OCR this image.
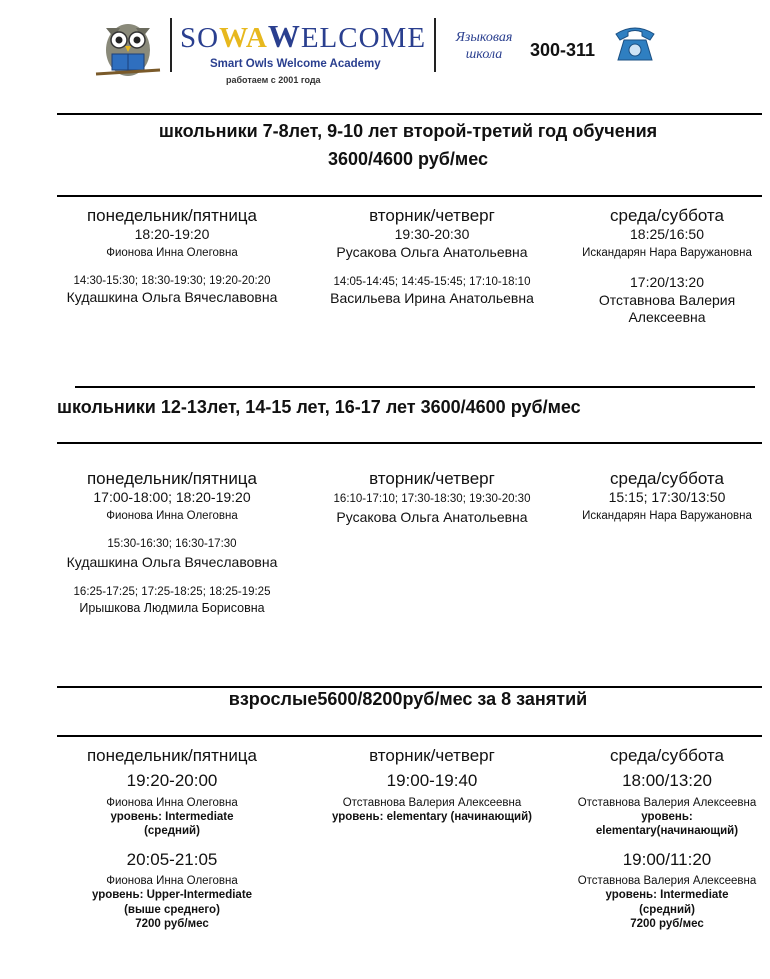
SOWAWELCOME
Smart Owls Welcome Academy
работаем с 2001 года
Языковая
школа	300-311
школьники 7-8лет, 9-10 лет второй-третий год обучения
3600/4600 руб/мес
понедельник/пятница
18:20-19:20
Фионова Инна Олеговна
14:30-15:30; 18:30-19:30; 19:20-20:20
Кудашкина Ольга Вячеславовна
вторник/четверг
19:30-20:30
Русакова Ольга Анатольевна
14:05-14:45; 14:45-15:45; 17:10-18:10
Васильева Ирина Анатольевна
среда/суббота
18:25/16:50
Искандарян Нара Варужановна
17:20/13:20
Отставнова Валерия
Алексеевна
школьники 12-13лет, 14-15 лет, 16-17 лет 3600/4600 руб/мес
понедельник/пятница
17:00-18:00; 18:20-19:20
Фионова Инна Олеговна
15:30-16:30; 16:30-17:30
Кудашкина Ольга Вячеславовна
16:25-17:25; 17:25-18:25; 18:25-19:25
Ирышкова Людмила Борисовна
вторник/четверг
16:10-17:10; 17:30-18:30; 19:30-20:30
Русакова Ольга Анатольевна
среда/суббота
15:15; 17:30/13:50
Искандарян Нара Варужановна
взрослые5600/8200руб/мес за 8 занятий
понедельник/пятница
19:20-20:00
Фионова Инна Олеговна
уровень: Intermediate
(средний)
20:05-21:05
Фионова Инна Олеговна
уровень: Upper-Intermediate
(выше среднего)
7200 руб/мес
вторник/четверг
19:00-19:40
Отставнова Валерия Алексеевна
уровень: elementary (начинающий)
среда/суббота
18:00/13:20
Отставнова Валерия Алексеевна
уровень:
elementary(начинающий)
19:00/11:20
Отставнова Валерия Алексеевна
уровень: Intermediate
(средний)
7200 руб/мес
